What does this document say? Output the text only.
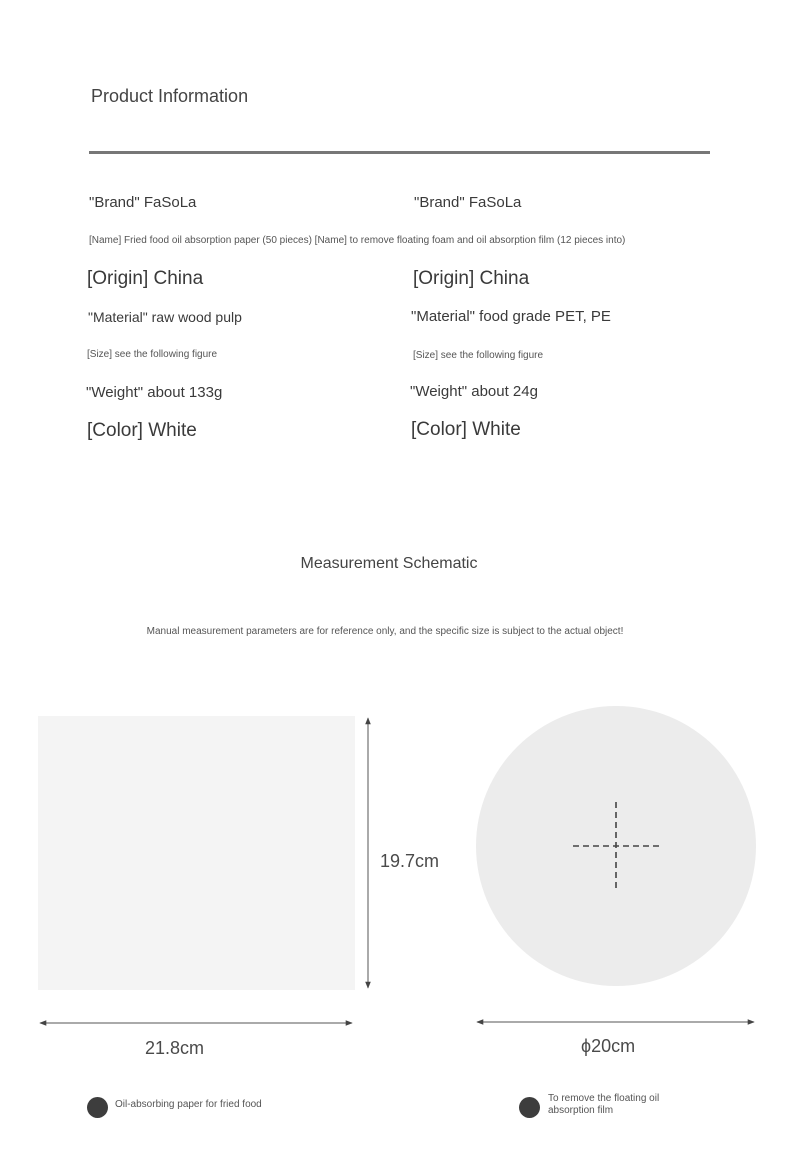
Product Information
"Brand" FaSoLa	"Brand" FaSoLa
[Name] Fried food oil absorption paper (50 pieces) [Name] to remove floating foam and oil absorption film (12 pieces into)
[Origin] China	[Origin] China
"Material" raw wood pulp	"Material" food grade PET, PE
[Size] see the following figure	[Size] see the following figure
"Weight" about 133g	"Weight" about 24g
[Color] White	[Color] White
Measurement Schematic
Manual measurement parameters are for reference only, and the specific size is subject to the actual object!
19.7cm
21.8cm	ϕ20cm
Oil-absorbing paper for fried food
To remove the floating oil
absorption film
